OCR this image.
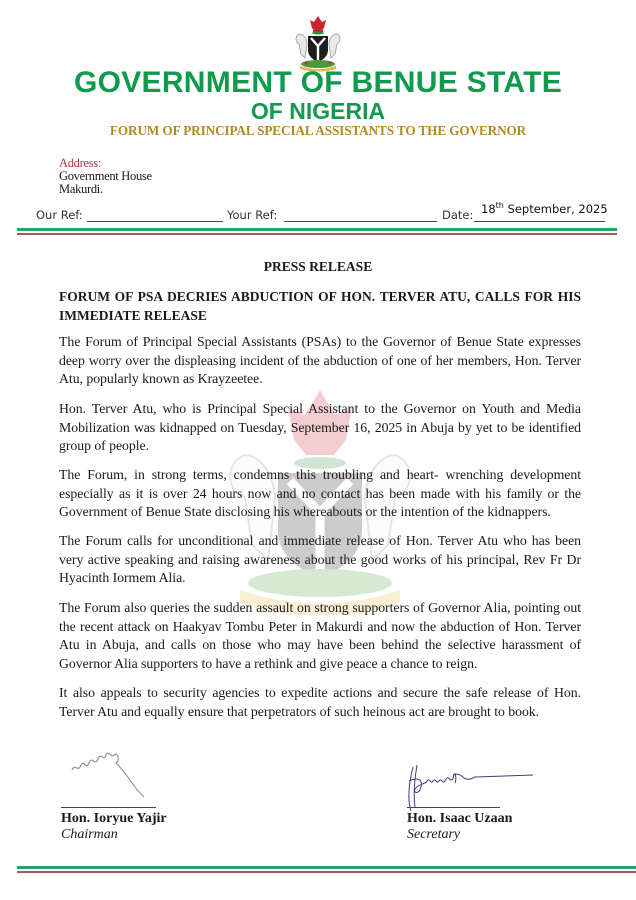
GOVERNMENT OF BENUE STATE
OF NIGERIA
FORUM OF PRINCIPAL SPECIAL ASSISTANTS TO THE GOVERNOR
Address:
Government House
Makurdi.
Our Ref:	Your Ref:	Date: 18th September, 2025
PRESS RELEASE
FORUM OF PSA DECRIES ABDUCTION OF HON. TERVER ATU, CALLS FOR HIS IMMEDIATE RELEASE
The Forum of Principal Special Assistants (PSAs) to the Governor of Benue State expresses deep worry over the displeasing incident of the abduction of one of her members, Hon. Terver Atu, popularly known as Krayzeetee.
Hon. Terver Atu, who is Principal Special Assistant to the Governor on Youth and Media Mobilization was kidnapped on Tuesday, September 16, 2025 in Abuja by yet to be identified group of people.
The Forum, in strong terms, condemns this troubling and heart- wrenching development especially as it is over 24 hours now and no contact has been made with his family or the Government of Benue State disclosing his whereabouts or the intention of the kidnappers.
The Forum calls for unconditional and immediate release of Hon. Terver Atu who has been very active speaking and raising awareness about the good works of his principal, Rev Fr Dr Hyacinth Iormem Alia.
The Forum also queries the sudden assault on strong supporters of Governor Alia, pointing out the recent attack on Haakyav Tombu Peter in Makurdi and now the abduction of Hon. Terver Atu in Abuja, and calls on those who may have been behind the selective harassment of Governor Alia supporters to have a rethink and give peace a chance to reign.
It also appeals to security agencies to expedite actions and secure the safe release of Hon. Terver Atu and equally ensure that perpetrators of such heinous act are brought to book.
Hon. Ioryue Yajir
Chairman
Hon. Isaac Uzaan
Secretary
